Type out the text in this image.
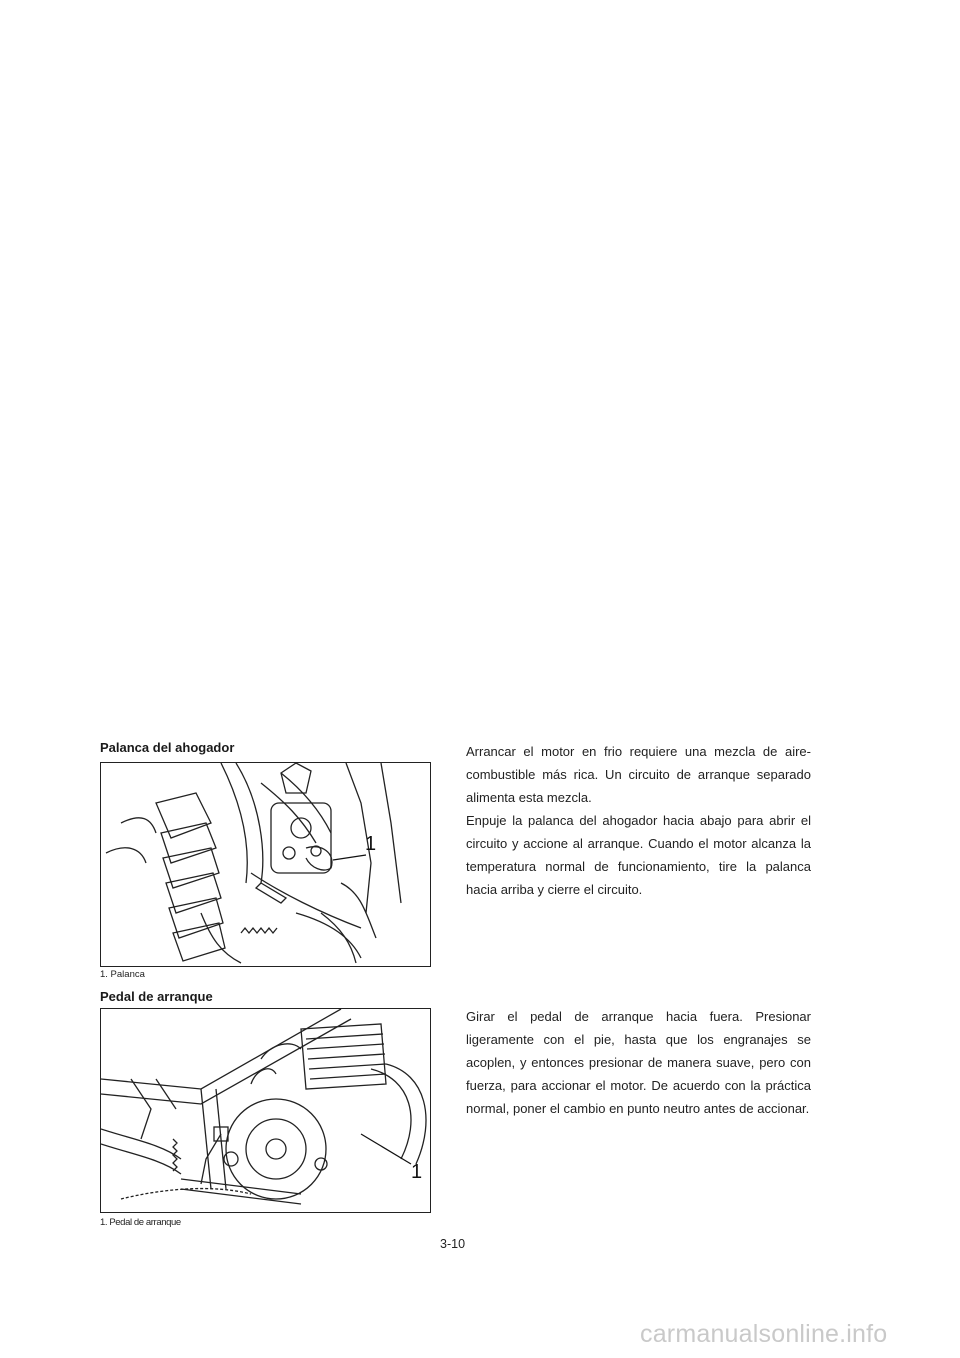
Palanca del ahogador
1
1. Palanca

Arrancar el motor en frio requiere una mezcla de aire-combustible más rica. Un circuito de arranque separado alimenta esta mezcla.

Enpuje la palanca del ahogador hacia abajo para abrir el circuito y accione al arranque. Cuando el motor alcanza la temperatura normal de funcionamiento, tire la palanca hacia arriba y cierre el circuito.

Pedal de arranque
1
1. Pedal de arranque

Girar el pedal de arranque hacia fuera. Presionar ligeramente con el pie, hasta que los engranajes se acoplen, y entonces presionar de manera suave, pero con fuerza, para accionar el motor. De acuerdo con la práctica normal, poner el cambio en punto neutro antes de accionar.

3-10
carmanualsonline.info
